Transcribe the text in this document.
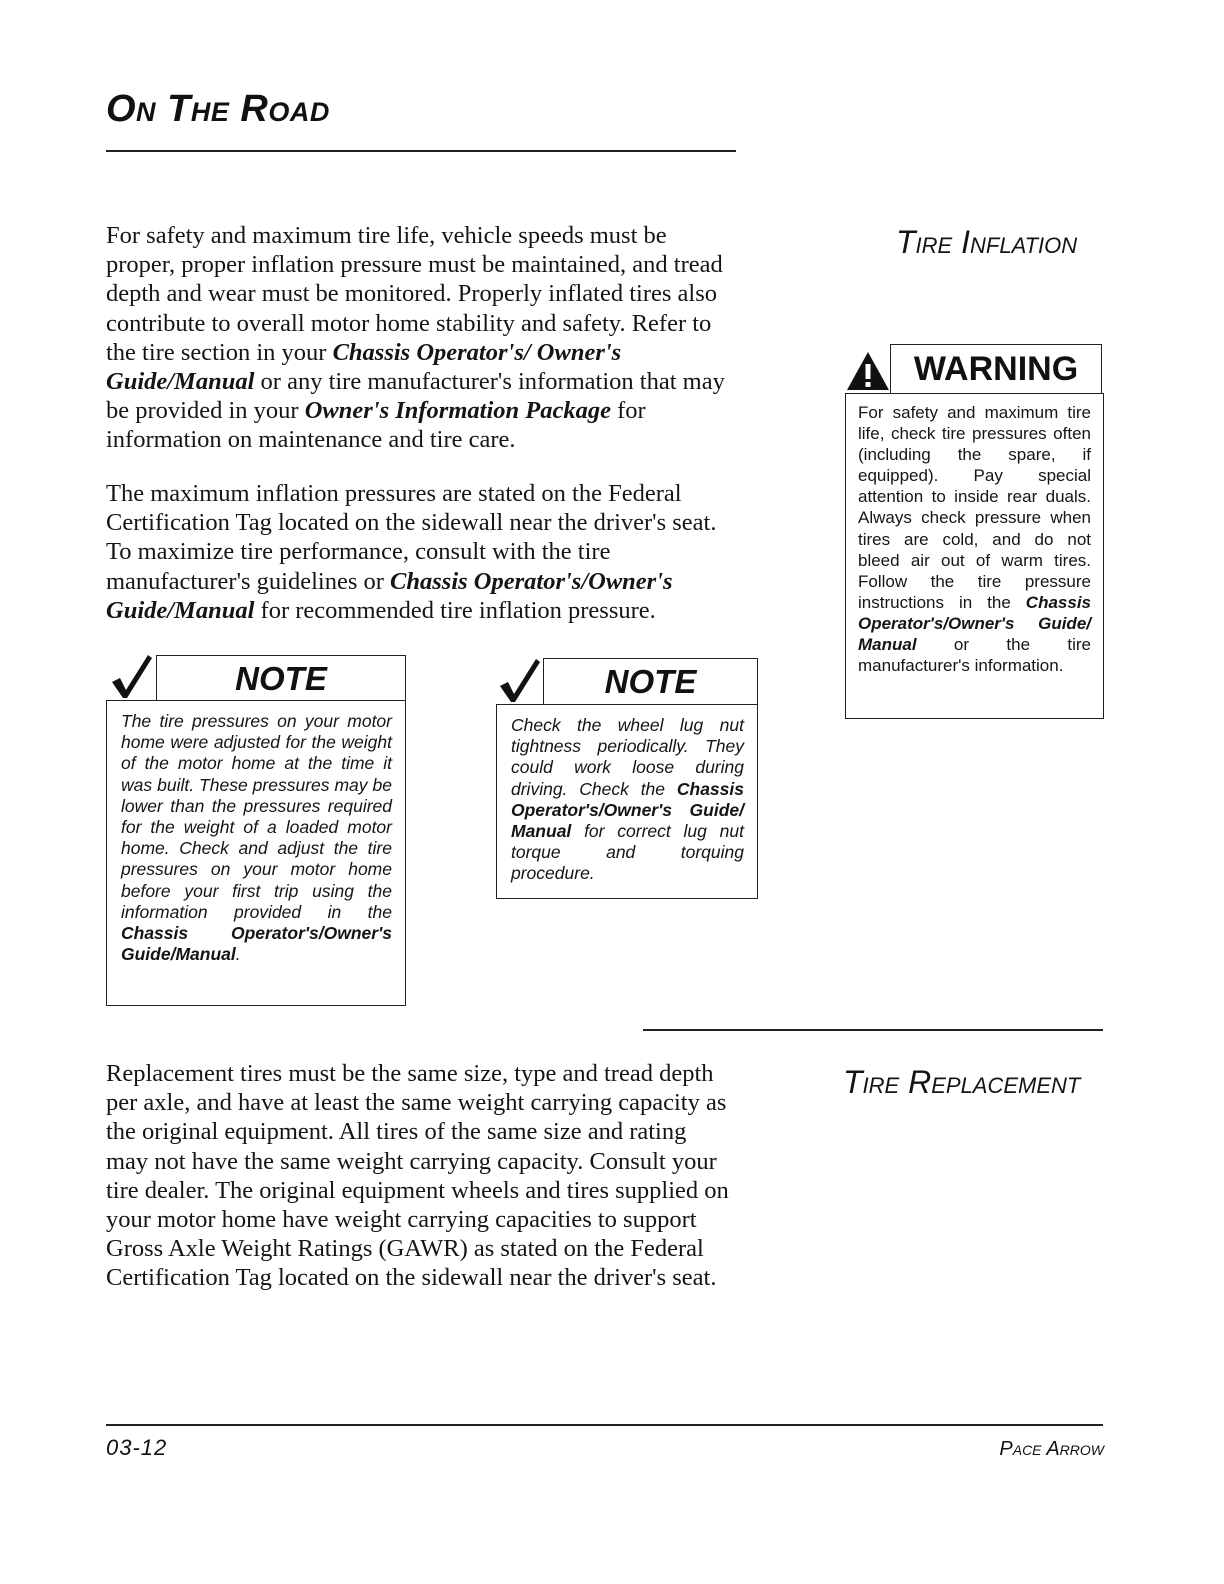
On The Road
Tire Inflation

For safety and maximum tire life, vehicle speeds must be proper, proper inflation pressure must be maintained, and tread depth and wear must be monitored. Properly inflated tires also contribute to overall motor home stability and safety. Refer to the tire section in your Chassis Operator's/ Owner's Guide/Manual or any tire manufacturer's information that may be provided in your Owner's Information Package for information on maintenance and tire care.

The maximum inflation pressures are stated on the Federal Certification Tag located on the sidewall near the driver's seat. To maximize tire performance, consult with the tire manufacturer's guidelines or Chassis Operator's/Owner's Guide/Manual for recommended tire inflation pressure.

WARNING
For safety and maximum tire life, check tire pressures often (including the spare, if equipped). Pay special attention to inside rear duals. Always check pressure when tires are cold, and do not bleed air out of warm tires. Follow the tire pressure instructions in the Chassis Operator's/Owner's Guide/ Manual or the tire manufacturer's information.
NOTE
The tire pressures on your motor home were adjusted for the weight of the motor home at the time it was built. These pressures may be lower than the pressures required for the weight of a loaded motor home. Check and adjust the tire pressures on your motor home before your first trip using the information provided in the Chassis Operator's/Owner's Guide/Manual.
NOTE
Check the wheel lug nut tightness periodically. They could work loose during driving. Check the Chassis Operator's/Owner's Guide/ Manual for correct lug nut torque and torquing procedure.
Tire Replacement

Replacement tires must be the same size, type and tread depth per axle, and have at least the same weight carrying capacity as the original equipment. All tires of the same size and rating may not have the same weight carrying capacity. Consult your tire dealer. The original equipment wheels and tires supplied on your motor home have weight carrying capacities to support Gross Axle Weight Ratings (GAWR) as stated on the Federal Certification Tag located on the sidewall near the driver's seat.

03-12	Pace Arrow
